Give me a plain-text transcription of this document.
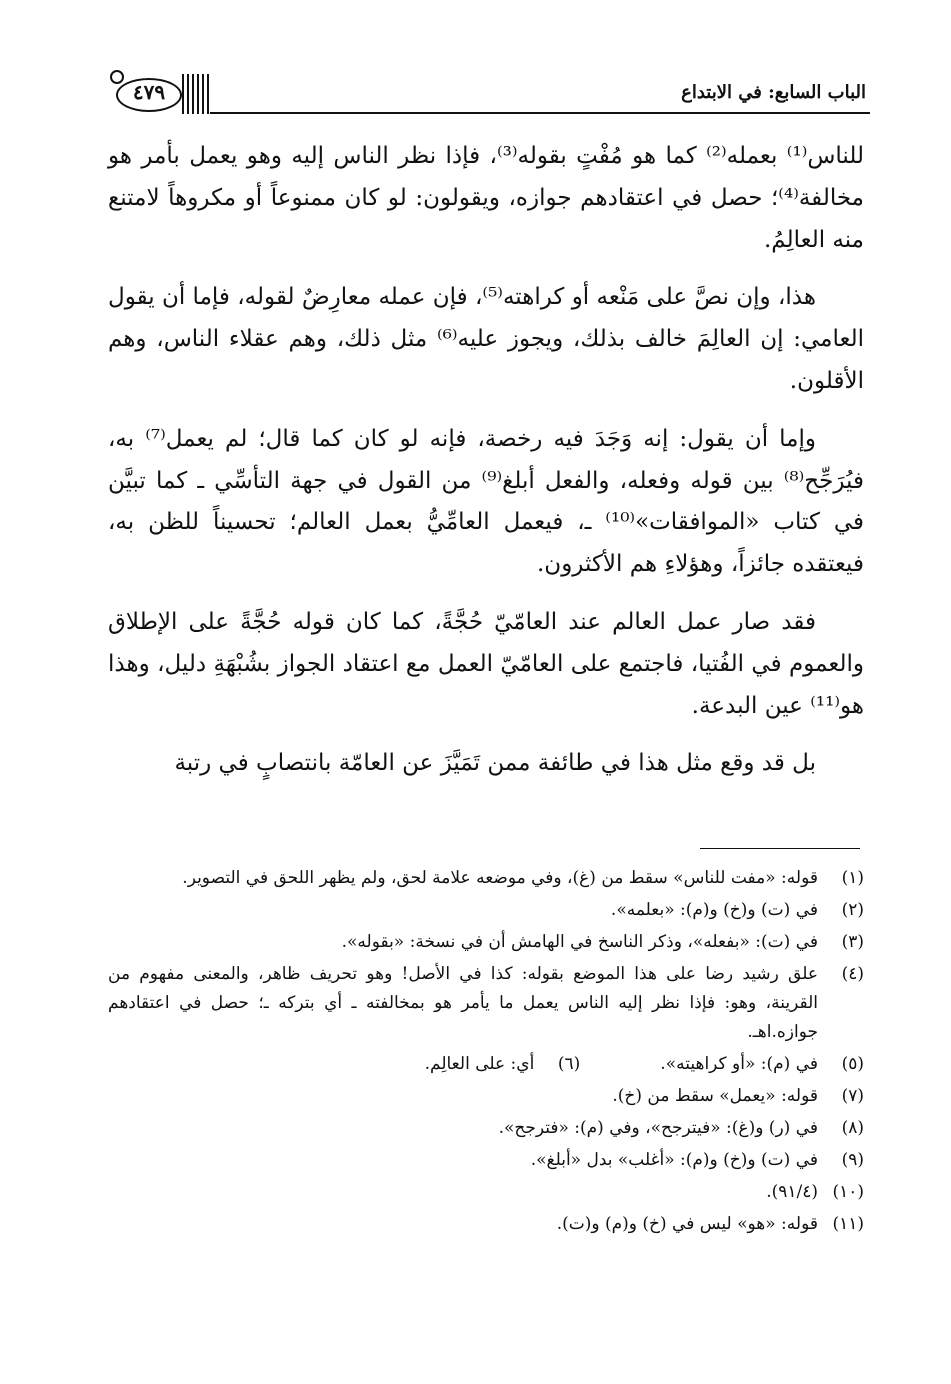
الباب السابع: في الابتداع
٤٧٩

للناس⁽¹⁾ بعمله⁽²⁾ كما هو مُفْتٍ بقوله⁽³⁾، فإذا نظر الناس إليه وهو يعمل بأمر هو مخالفة⁽⁴⁾؛ حصل في اعتقادهم جوازه، ويقولون: لو كان ممنوعاً أو مكروهاً لامتنع منه العالِمُ.

هذا، وإن نصَّ على مَنْعه أو كراهته⁽⁵⁾، فإن عمله معارِضٌ لقوله، فإما أن يقول العامي: إن العالِمَ خالف بذلك، ويجوز عليه⁽⁶⁾ مثل ذلك، وهم عقلاء الناس، وهم الأقلون.

وإما أن يقول: إنه وَجَدَ فيه رخصة، فإنه لو كان كما قال؛ لم يعمل⁽⁷⁾ به، فيُرَجِّح⁽⁸⁾ بين قوله وفعله، والفعل أبلغ⁽⁹⁾ من القول في جهة التأسِّي ـ كما تبيَّن في كتاب «الموافقات»⁽¹⁰⁾ ـ، فيعمل العامِّيُّ بعمل العالم؛ تحسيناً للظن به، فيعتقده جائزاً، وهؤلاءِ هم الأكثرون.

فقد صار عمل العالم عند العامّيّ حُجَّةً، كما كان قوله حُجَّةً على الإطلاق والعموم في الفُتيا، فاجتمع على العامّيّ العمل مع اعتقاد الجواز بشُبْهَةِ دليل، وهذا هو⁽¹¹⁾ عين البدعة.

بل قد وقع مثل هذا في طائفة ممن تَمَيَّزَ عن العامّة بانتصابٍ في رتبة

(١)
قوله: «مفت للناس» سقط من (غ)، وفي موضعه علامة لحق، ولم يظهر اللحق في التصوير.
(٢)
في (ت) و(خ) و(م): «بعلمه».
(٣)
في (ت): «بفعله»، وذكر الناسخ في الهامش أن في نسخة: «بقوله».
(٤)
علق رشيد رضا على هذا الموضع بقوله: كذا في الأصل! وهو تحريف ظاهر، والمعنى مفهوم من القرينة، وهو: فإذا نظر إليه الناس يعمل ما يأمر هو بمخالفته ـ أي بتركه ـ؛ حصل في اعتقادهم جوازه.اهـ.
(٥)
في (م): «أو كراهيته».
(٦)
أي: على العالِم.
(٧)
قوله: «يعمل» سقط من (خ).
(٨)
في (ر) و(غ): «فيترجح»، وفي (م): «فترجح».
(٩)
في (ت) و(خ) و(م): «أغلب» بدل «أبلغ».
(١٠)
(٩١/٤).
(١١)
قوله: «هو» ليس في (خ) و(م) و(ت).
